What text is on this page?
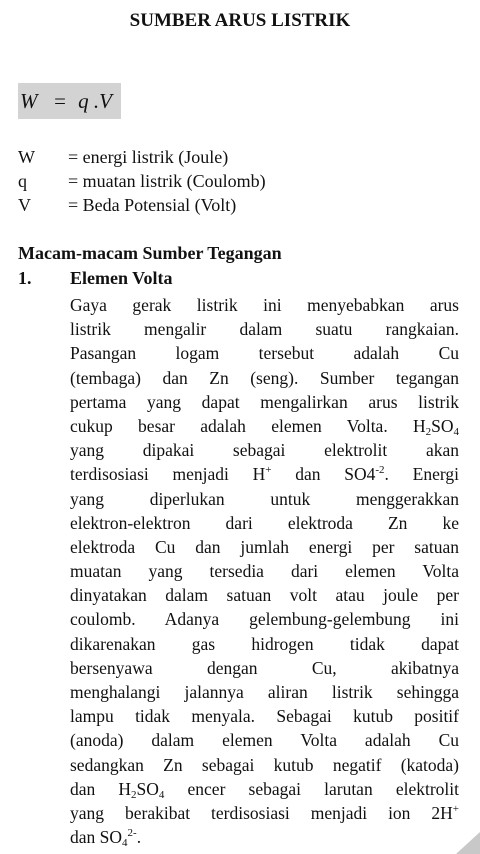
SUMBER ARUS LISTRIK
W = q .V
W = energi listrik (Joule)
q = muatan listrik (Coulomb)
V = Beda Potensial (Volt)
Macam-macam Sumber Tegangan
1. Elemen Volta
Gaya gerak listrik ini menyebabkan arus
listrik mengalir dalam suatu rangkaian.
Pasangan logam tersebut adalah Cu
(tembaga) dan Zn (seng). Sumber tegangan
pertama yang dapat mengalirkan arus listrik
cukup besar adalah elemen Volta. $H_2SO_4$
yang dipakai sebagai elektrolit akan
terdisosiasi menjadi H+ dan $SO4^{-2}$. Energi
yang diperlukan untuk menggerakkan
elektron-elektron dari elektroda Zn ke
elektroda Cu dan jumlah energi per satuan
muatan yang tersedia dari elemen Volta
dinyatakan dalam satuan volt atau joule per
coulomb. Adanya gelembung-gelembung ini
dikarenakan gas hidrogen tidak dapat
bersenyawa dengan Cu, akibatnya
menghalangi jalannya aliran listrik sehingga
lampu tidak menyala. Sebagai kutub positif
(anoda) dalam elemen Volta adalah Cu
sedangkan Zn sebagai kutub negatif (katoda)
dan $H_2SO_4$ encer sebagai larutan elektrolit
yang berakibat terdisosiasi menjadi ion 2H+
dan $SO_4^{2-}$.
